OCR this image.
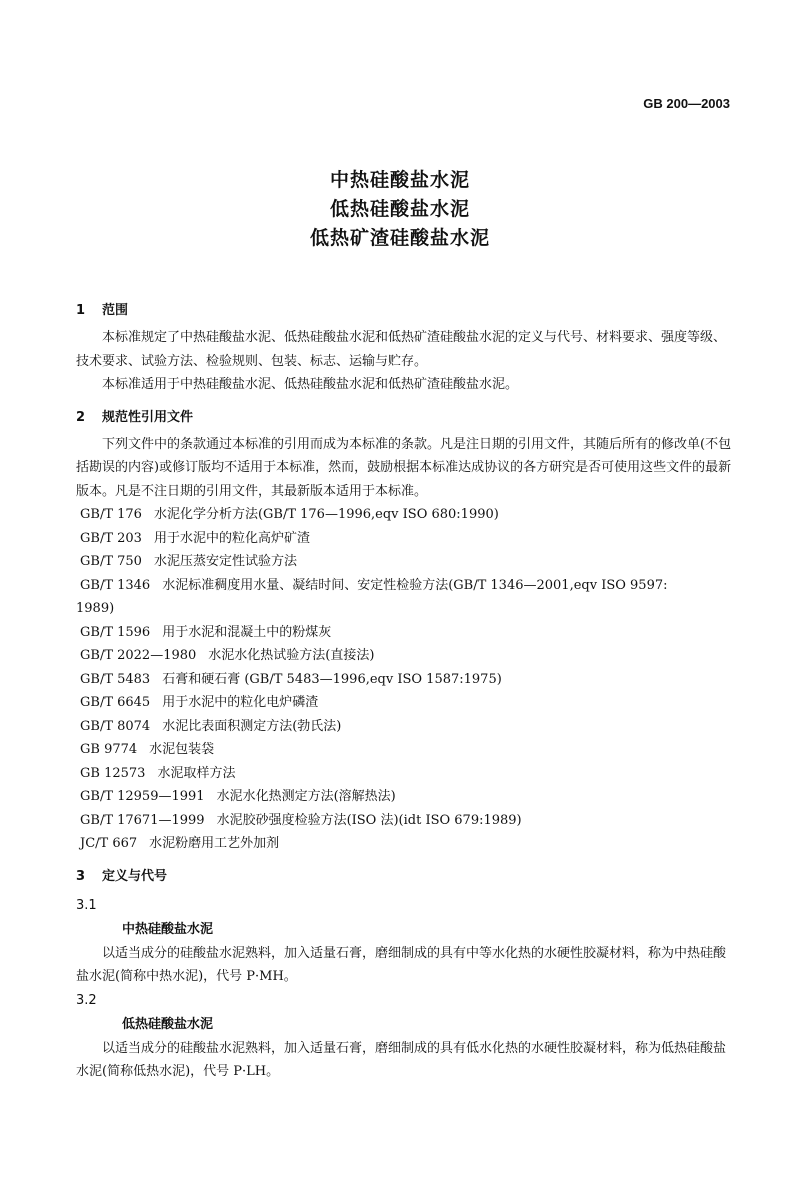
GB 200—2003
中热硅酸盐水泥
低热硅酸盐水泥
低热矿渣硅酸盐水泥
1 范围
本标准规定了中热硅酸盐水泥、低热硅酸盐水泥和低热矿渣硅酸盐水泥的定义与代号、材料要求、强度等级、技术要求、试验方法、检验规则、包装、标志、运输与贮存。
本标准适用于中热硅酸盐水泥、低热硅酸盐水泥和低热矿渣硅酸盐水泥。
2 规范性引用文件
下列文件中的条款通过本标准的引用而成为本标准的条款。凡是注日期的引用文件，其随后所有的修改单(不包括勘误的内容)或修订版均不适用于本标准，然而，鼓励根据本标准达成协议的各方研究是否可使用这些文件的最新版本。凡是不注日期的引用文件，其最新版本适用于本标准。
GB/T 176 水泥化学分析方法(GB/T 176—1996,eqv ISO 680:1990)
GB/T 203 用于水泥中的粒化高炉矿渣
GB/T 750 水泥压蒸安定性试验方法
GB/T 1346 水泥标准稠度用水量、凝结时间、安定性检验方法(GB/T 1346—2001,eqv ISO 9597:
1989)
GB/T 1596 用于水泥和混凝土中的粉煤灰
GB/T 2022—1980 水泥水化热试验方法(直接法)
GB/T 5483 石膏和硬石膏 (GB/T 5483—1996,eqv ISO 1587:1975)
GB/T 6645 用于水泥中的粒化电炉磷渣
GB/T 8074 水泥比表面积测定方法(勃氏法)
GB 9774 水泥包装袋
GB 12573 水泥取样方法
GB/T 12959—1991 水泥水化热测定方法(溶解热法)
GB/T 17671—1999 水泥胶砂强度检验方法(ISO 法)(idt ISO 679:1989)
JC/T 667 水泥粉磨用工艺外加剂
3 定义与代号
3.1
中热硅酸盐水泥
以适当成分的硅酸盐水泥熟料，加入适量石膏，磨细制成的具有中等水化热的水硬性胶凝材料，称为中热硅酸盐水泥(简称中热水泥)，代号 P·MH。
3.2
低热硅酸盐水泥
以适当成分的硅酸盐水泥熟料，加入适量石膏，磨细制成的具有低水化热的水硬性胶凝材料，称为低热硅酸盐水泥(简称低热水泥)，代号 P·LH。
